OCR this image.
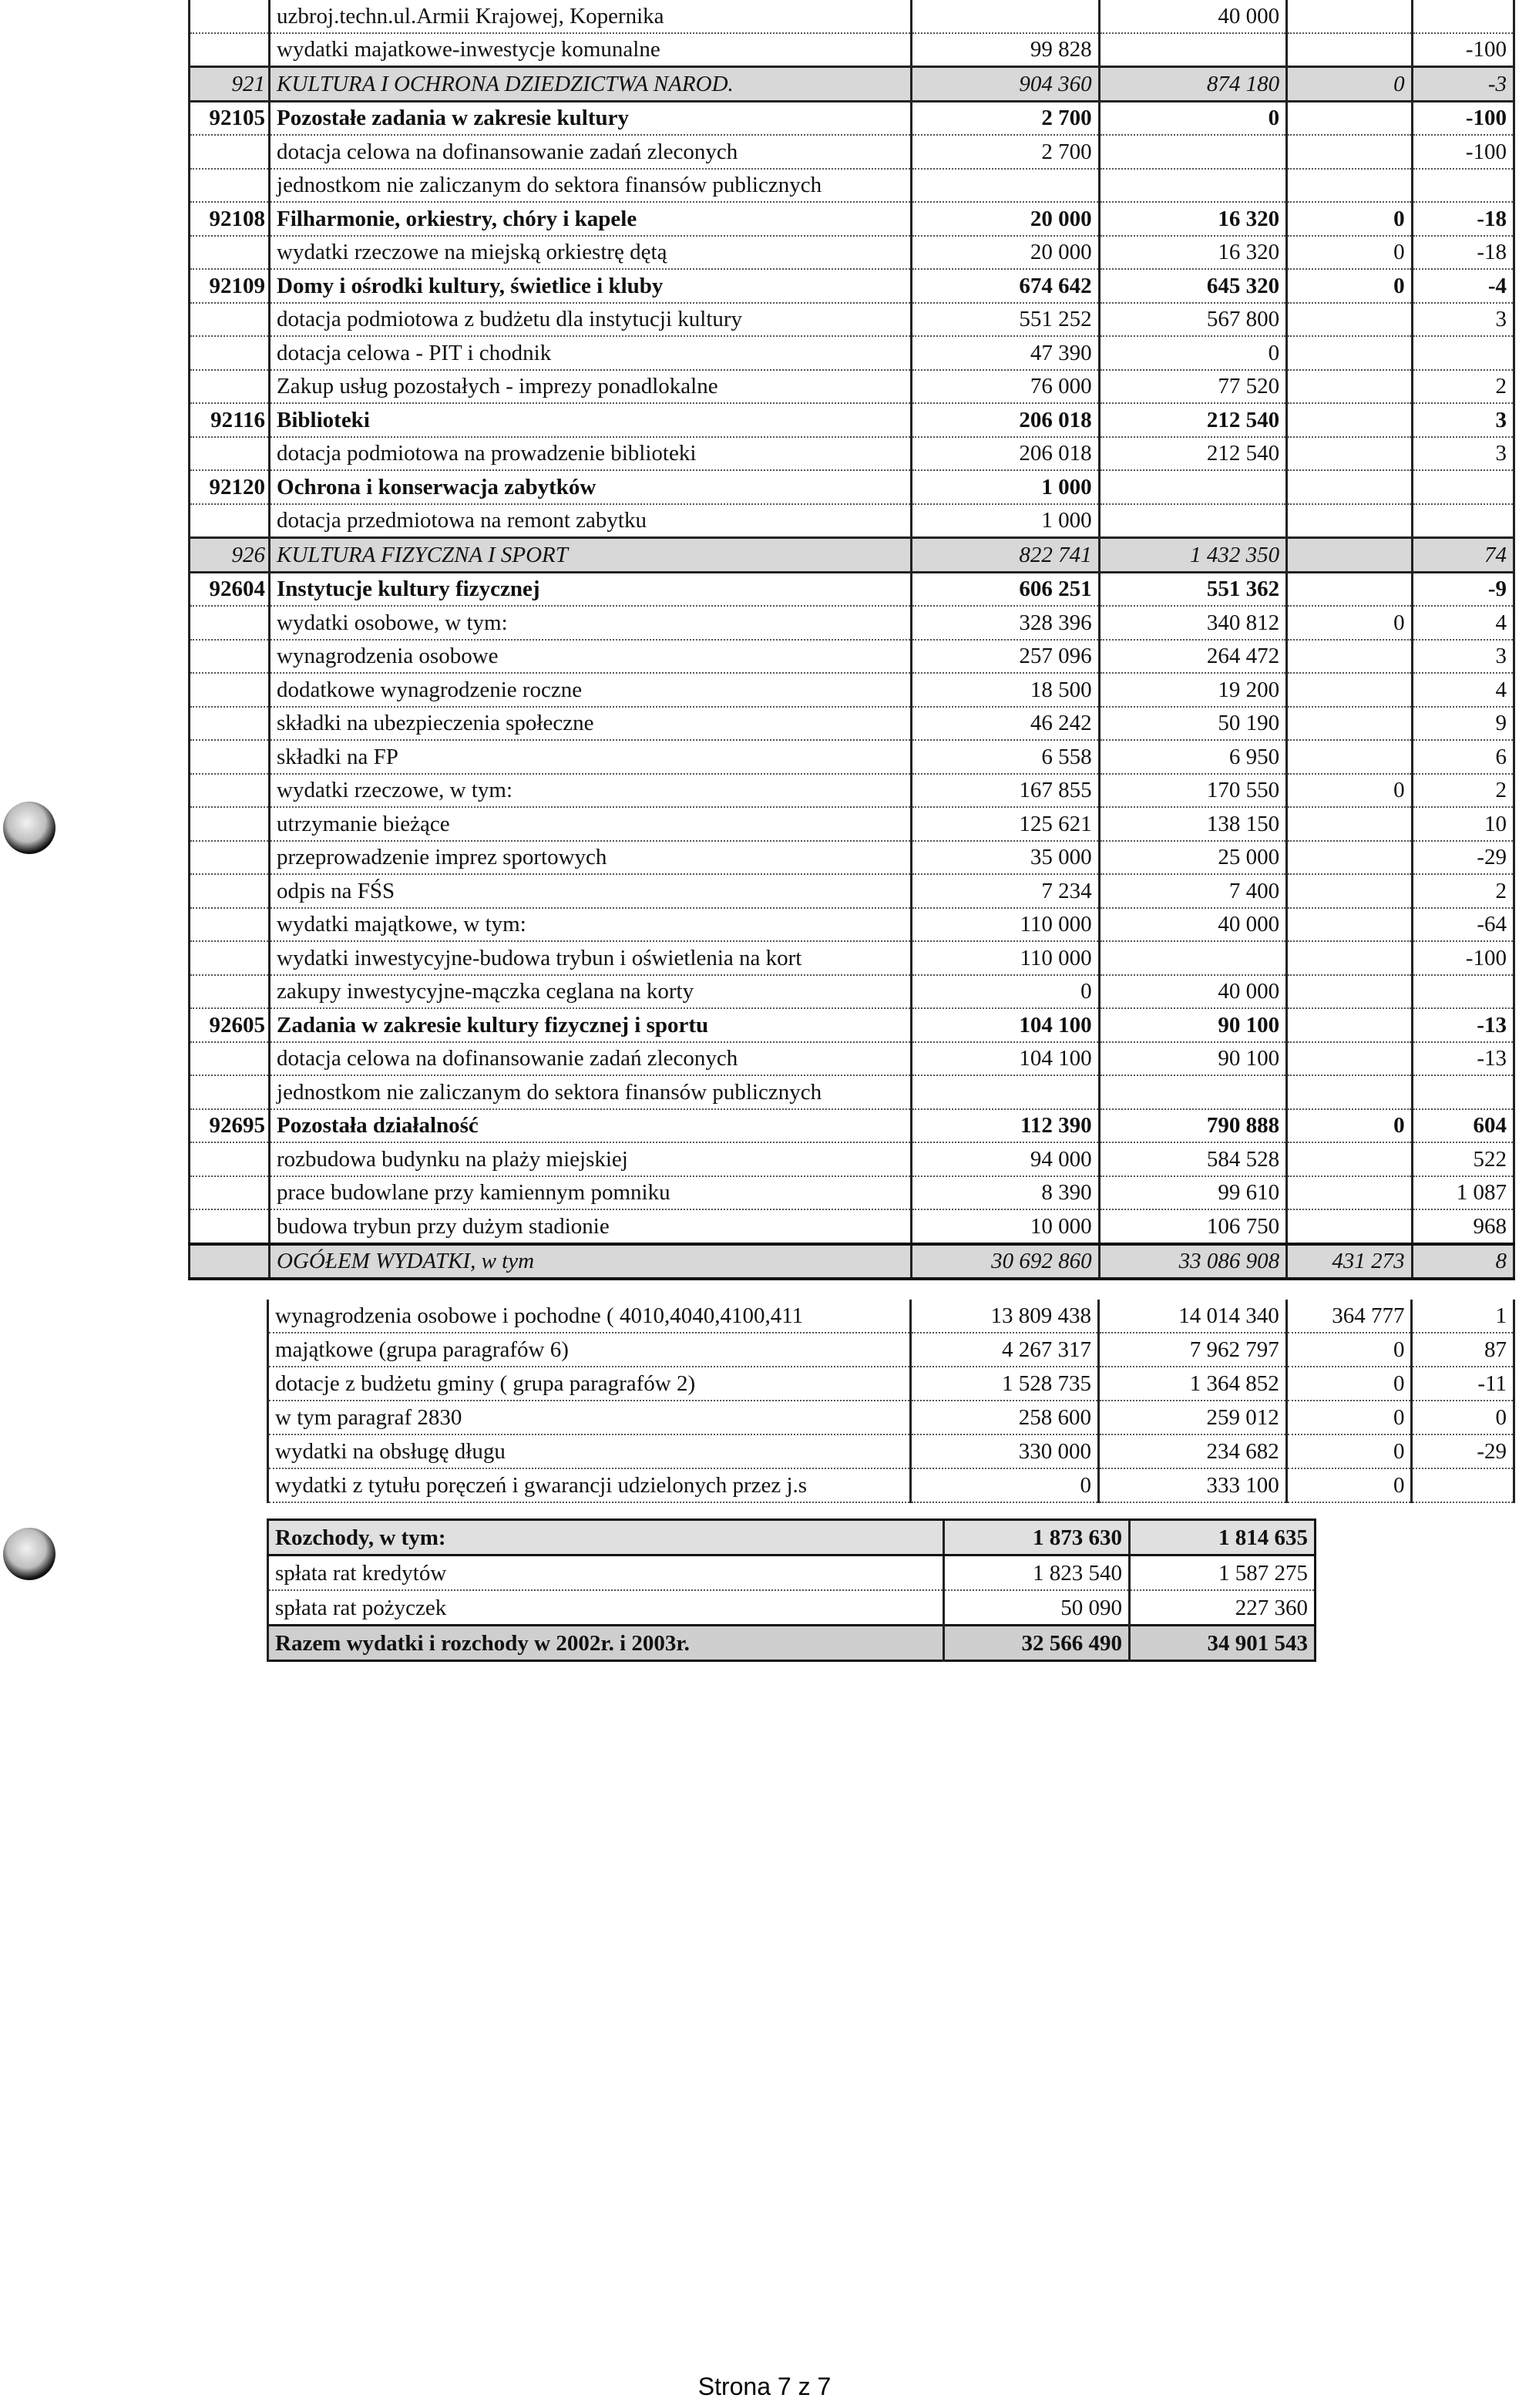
	uzbroj.techn.ul.Armii Krajowej, Kopernika		40 000		
	wydatki majatkowe-inwestycje komunalne	99 828			-100
921	KULTURA I OCHRONA DZIEDZICTWA NAROD.	904 360	874 180	0	-3
92105	Pozostałe zadania w zakresie kultury	2 700	0		-100
	dotacja celowa na dofinansowanie zadań zleconych	2 700			-100
	jednostkom nie zaliczanym do sektora finansów publicznych				
92108	Filharmonie, orkiestry, chóry i kapele	20 000	16 320	0	-18
	wydatki rzeczowe na miejską orkiestrę dętą	20 000	16 320	0	-18
92109	Domy i ośrodki kultury, świetlice i kluby	674 642	645 320	0	-4
	dotacja podmiotowa z budżetu dla instytucji kultury	551 252	567 800		3
	dotacja celowa - PIT i chodnik	47 390	0		
	Zakup usług pozostałych - imprezy ponadlokalne	76 000	77 520		2
92116	Biblioteki	206 018	212 540		3
	dotacja podmiotowa na prowadzenie biblioteki	206 018	212 540		3
92120	Ochrona i konserwacja zabytków	1 000			
	dotacja przedmiotowa na remont zabytku	1 000			
926	KULTURA FIZYCZNA I SPORT	822 741	1 432 350		74
92604	Instytucje kultury fizycznej	606 251	551 362		-9
	wydatki osobowe, w tym:	328 396	340 812	0	4
	wynagrodzenia osobowe	257 096	264 472		3
	dodatkowe wynagrodzenie roczne	18 500	19 200		4
	składki na ubezpieczenia społeczne	46 242	50 190		9
	składki na FP	6 558	6 950		6
	wydatki rzeczowe, w tym:	167 855	170 550	0	2
	utrzymanie bieżące	125 621	138 150		10
	przeprowadzenie imprez sportowych	35 000	25 000		-29
	odpis na FŚS	7 234	7 400		2
	wydatki majątkowe, w tym:	110 000	40 000		-64
	wydatki inwestycyjne-budowa trybun i oświetlenia na kort	110 000			-100
	zakupy inwestycyjne-mączka ceglana na korty	0	40 000		
92605	Zadania w zakresie kultury fizycznej i sportu	104 100	90 100		-13
	dotacja celowa na dofinansowanie zadań zleconych	104 100	90 100		-13
	jednostkom nie zaliczanym do sektora finansów publicznych				
92695	Pozostała działalność	112 390	790 888	0	604
	rozbudowa budynku na plaży miejskiej	94 000	584 528		522
	prace budowlane przy kamiennym pomniku	8 390	99 610		1 087
	budowa trybun przy dużym stadionie	10 000	106 750		968
	OGÓŁEM WYDATKI, w tym	30 692 860	33 086 908	431 273	8
wynagrodzenia osobowe i pochodne ( 4010,4040,4100,411	13 809 438	14 014 340	364 777	1
majątkowe (grupa paragrafów 6)	4 267 317	7 962 797	0	87
dotacje z budżetu gminy ( grupa paragrafów 2)	1 528 735	1 364 852	0	-11
w tym paragraf 2830	258 600	259 012	0	0
wydatki na obsługę długu	330 000	234 682	0	-29
wydatki z tytułu poręczeń i gwarancji udzielonych przez j.s	0	333 100	0	
Rozchody, w tym:	1 873 630	1 814 635
spłata rat kredytów	1 823 540	1 587 275
spłata rat pożyczek	50 090	227 360
Razem wydatki i rozchody w 2002r. i 2003r.	32 566 490	34 901 543
Strona 7 z 7
